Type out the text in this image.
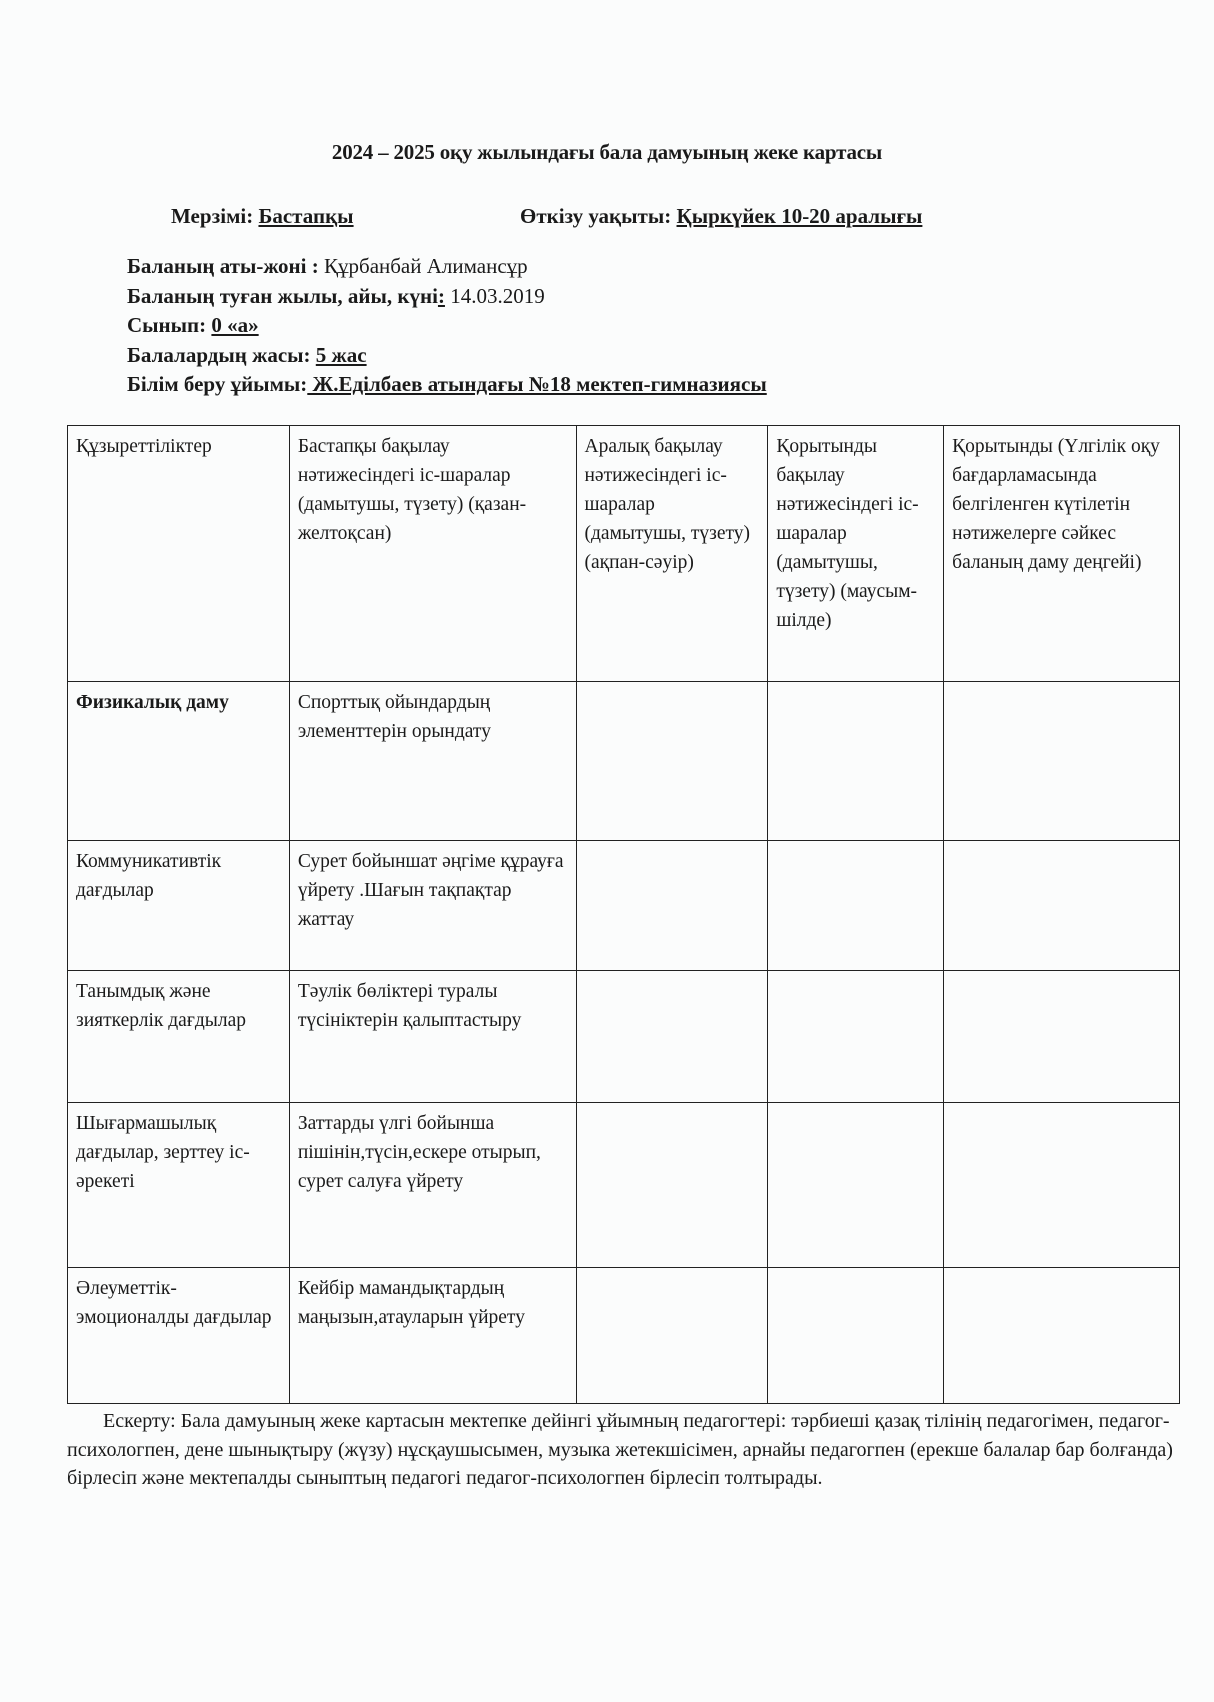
2024 – 2025 оқу жылындағы бала дамуының жеке картасы
Мерзімі: Бастапқы	Өткізу уақыты: Қыркүйек 10-20 аралығы
Баланың аты-жоні : Құрбанбай Алимансұр
Баланың туған жылы, айы, күні: 14.03.2019
Сынып: 0 «а»
Балалардың жасы: 5 жас
Білім беру ұйымы: Ж.Еділбаев атындағы №18 мектеп-гимназиясы
Құзыреттіліктер	Бастапқы бақылау нәтижесіндегі іс-шаралар (дамытушы, түзету) (қазан-желтоқсан)	Аралық бақылау нәтижесіндегі іс-шаралар (дамытушы, түзету) (ақпан-сәуір)	Қорытынды бақылау нәтижесіндегі іс-шаралар (дамытушы, түзету) (маусым-шілде)	Қорытынды (Үлгілік оқу бағдарламасында белгіленген күтілетін нәтижелерге сәйкес баланың даму деңгейі)
Физикалық даму	Спорттық ойындардың элементтерін орындату			
Коммуникативтік дағдылар	Сурет бойыншат әңгіме құрауға үйрету .Шағын тақпақтар жаттау			
Танымдық және зияткерлік дағдылар	Тәулік бөліктері туралы түсініктерін қалыптастыру			
Шығармашылық дағдылар, зерттеу іс-әрекеті	Заттарды үлгі бойынша пішінін,түсін,ескере отырып, сурет салуға үйрету			
Әлеуметтік-эмоционалды дағдылар	Кейбір мамандықтардың маңызын,атауларын үйрету			
Ескерту: Бала дамуының жеке картасын мектепке дейінгі ұйымның педагогтері: тәрбиеші қазақ тілінің педагогімен, педагог-психологпен, дене шынықтыру (жүзу) нұсқаушысымен, музыка жетекшісімен, арнайы педагогпен (ерекше балалар бар болғанда) бірлесіп және мектепалды сыныптың педагогі педагог-психологпен бірлесіп толтырады.
